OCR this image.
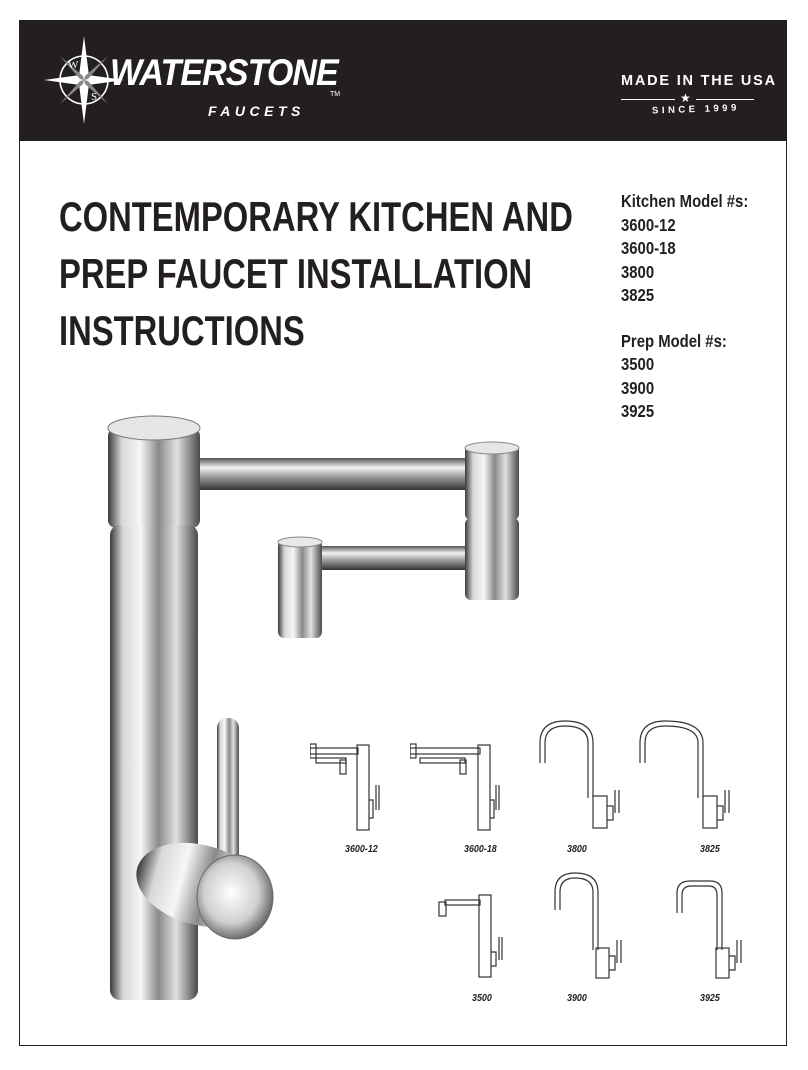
W
S
WATERSTONE
TM
FAUCETS
MADE IN THE USA
★
SINCE 1999
CONTEMPORARY KITCHEN AND
PREP FAUCET INSTALLATION
INSTRUCTIONS
Kitchen Model #s:
3600-12
3600-18
3800
3825
Prep Model #s:
3500
3900
3925
3600-12	3600-18	3800	3825
3500	3900	3925
